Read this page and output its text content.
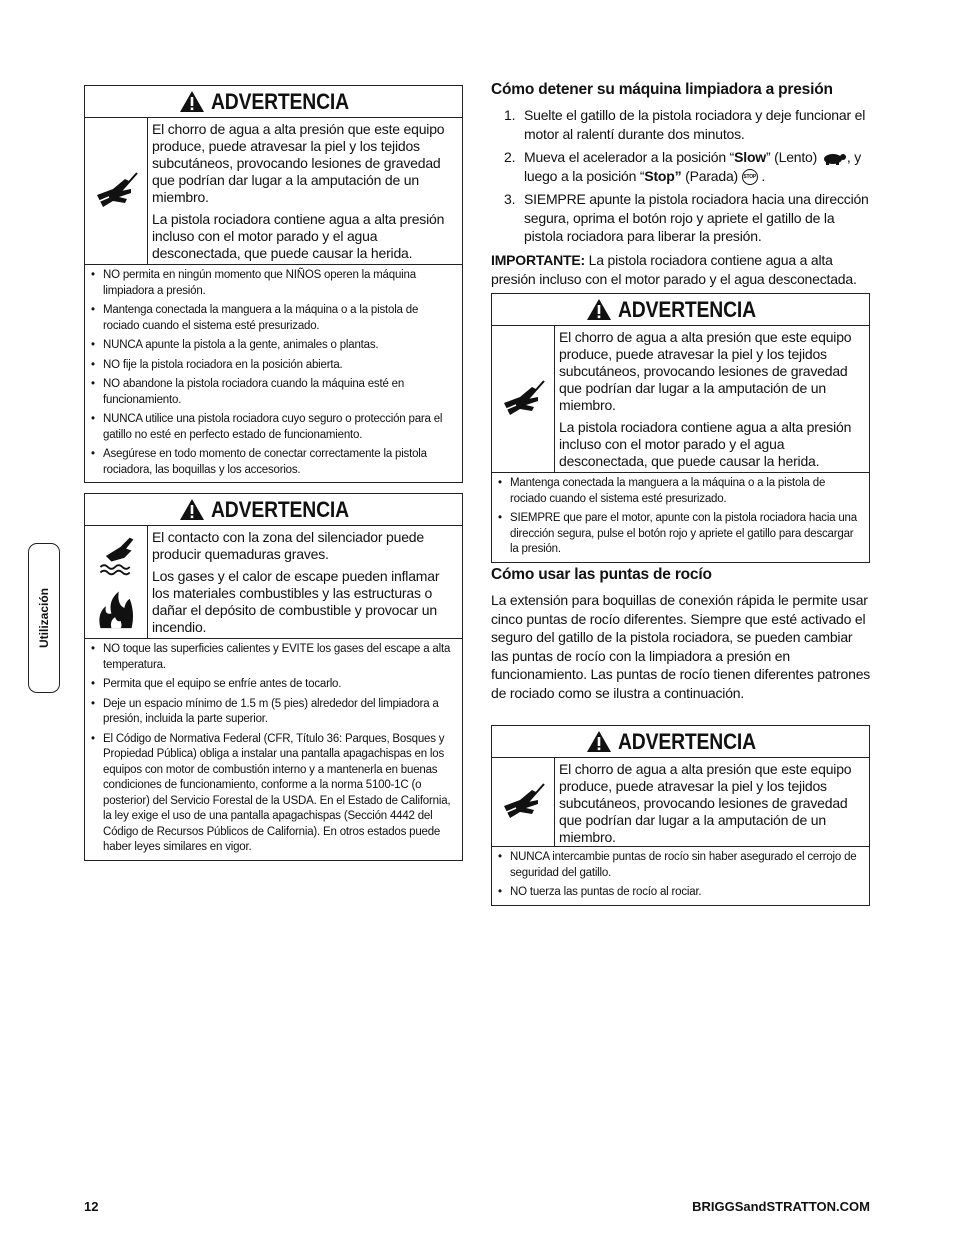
Utilización
ADVERTENCIA

El chorro de agua a alta presión que este equipo produce, puede atravesar la piel y los tejidos subcutáneos, provocando lesiones de gravedad que podrían dar lugar a la amputación de un miembro.

La pistola rociadora contiene agua a alta presión incluso con el motor parado y el agua desconectada, que puede causar la herida.

• NO permita en ningún momento que NIÑOS operen la máquina limpiadora a presión.
• Mantenga conectada la manguera a la máquina o a la pistola de rociado cuando el sistema esté presurizado.
• NUNCA apunte la pistola a la gente, animales o plantas.
• NO fije la pistola rociadora en la posición abierta.
• NO abandone la pistola rociadora cuando la máquina esté en funcionamiento.
• NUNCA utilice una pistola rociadora cuyo seguro o protección para el gatillo no esté en perfecto estado de funcionamiento.
• Asegúrese en todo momento de conectar correctamente la pistola rociadora, las boquillas y los accesorios.
ADVERTENCIA

El contacto con la zona del silenciador puede producir quemaduras graves.

Los gases y el calor de escape pueden inflamar los materiales combustibles y las estructuras o dañar el depósito de combustible y provocar un incendio.

• NO toque las superficies calientes y EVITE los gases del escape a alta temperatura.
• Permita que el equipo se enfríe antes de tocarlo.
• Deje un espacio mínimo de 1.5 m (5 pies) alrededor del limpiadora a presión, incluida la parte superior.
• El Código de Normativa Federal (CFR, Título 36: Parques, Bosques y Propiedad Pública) obliga a instalar una pantalla apagachispas en los equipos con motor de combustión interno y a mantenerla en buenas condiciones de funcionamiento, conforme a la norma 5100-1C (o posterior) del Servicio Forestal de la USDA. En el Estado de California, la ley exige el uso de una pantalla apagachispas (Sección 4442 del Código de Recursos Públicos de California). En otros estados puede haber leyes similares en vigor.
Cómo detener su máquina limpiadora a presión
1. Suelte el gatillo de la pistola rociadora y deje funcionar el motor al ralentí durante dos minutos.
2. Mueva el acelerador a la posición “Slow” (Lento) , y luego a la posición “Stop” (Parada) STOP .
3. SIEMPRE apunte la pistola rociadora hacia una dirección segura, oprima el botón rojo y apriete el gatillo de la pistola rociadora para liberar la presión.
IMPORTANTE: La pistola rociadora contiene agua a alta presión incluso con el motor parado y el agua desconectada.
ADVERTENCIA

El chorro de agua a alta presión que este equipo produce, puede atravesar la piel y los tejidos subcutáneos, provocando lesiones de gravedad que podrían dar lugar a la amputación de un miembro.

La pistola rociadora contiene agua a alta presión incluso con el motor parado y el agua desconectada, que puede causar la herida.

• Mantenga conectada la manguera a la máquina o a la pistola de rociado cuando el sistema esté presurizado.
• SIEMPRE que pare el motor, apunte con la pistola rociadora hacia una dirección segura, pulse el botón rojo y apriete el gatillo para descargar la presión.
Cómo usar las puntas de rocío
La extensión para boquillas de conexión rápida le permite usar cinco puntas de rocío diferentes. Siempre que esté activado el seguro del gatillo de la pistola rociadora, se pueden cambiar las puntas de rocío con la limpiadora a presión en funcionamiento. Las puntas de rocío tienen diferentes patrones de rociado como se ilustra a continuación.
ADVERTENCIA

El chorro de agua a alta presión que este equipo produce, puede atravesar la piel y los tejidos subcutáneos, provocando lesiones de gravedad que podrían dar lugar a la amputación de un miembro.

• NUNCA intercambie puntas de rocío sin haber asegurado el cerrojo de seguridad del gatillo.
• NO tuerza las puntas de rocío al rociar.
12	BRIGGSandSTRATTON.COM
